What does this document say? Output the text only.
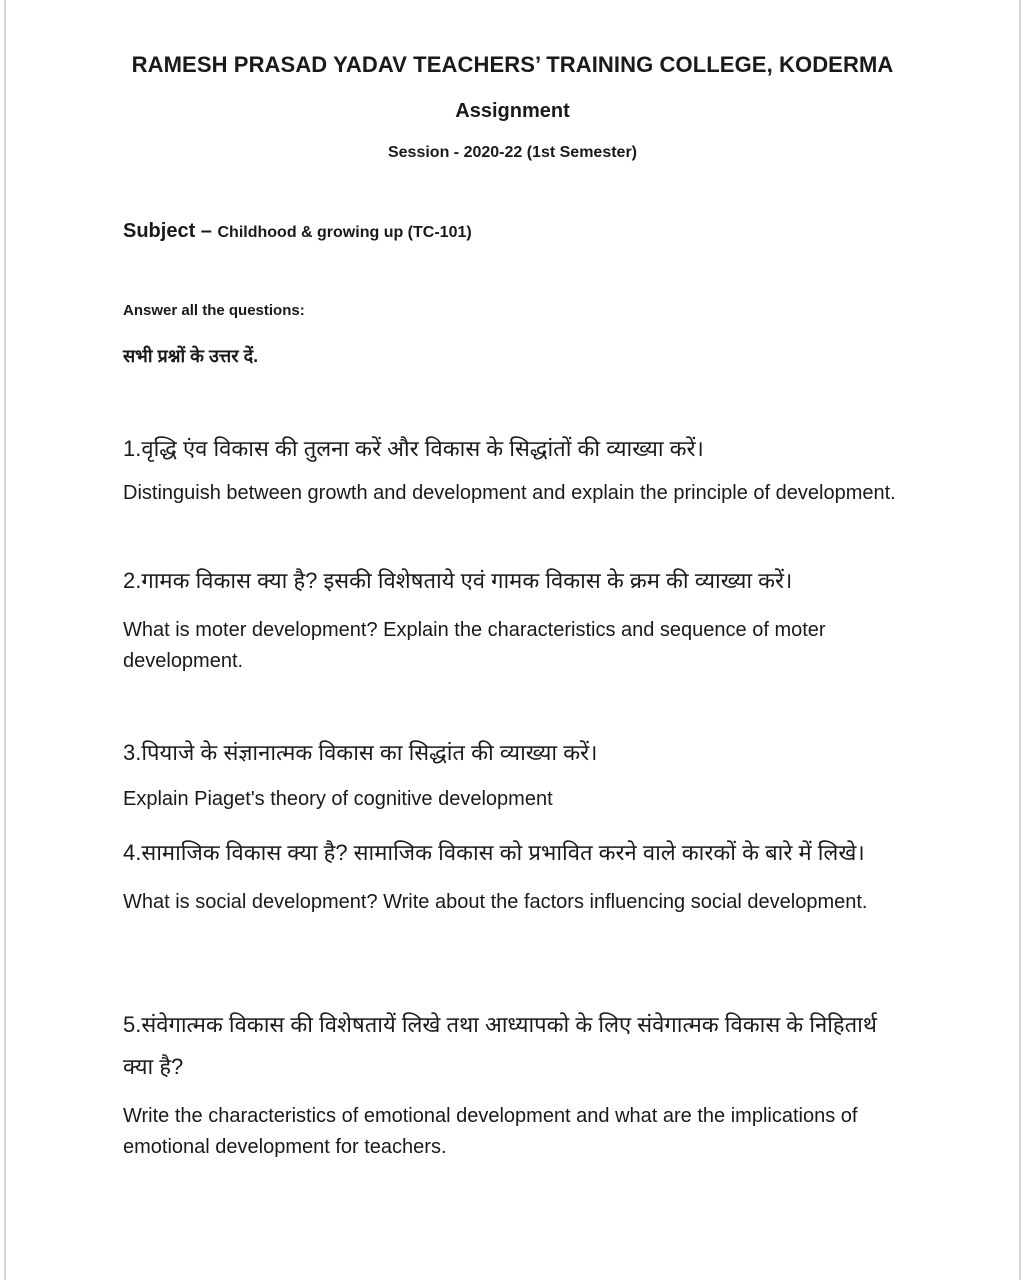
RAMESH PRASAD YADAV TEACHERS’ TRAINING COLLEGE, KODERMA
Assignment
Session - 2020-22 (1st Semester)
Subject – Childhood & growing up (TC-101)
Answer all the questions:
सभी प्रश्नों के उत्तर दें.

1.वृद्धि एंव विकास की तुलना करें और विकास के सिद्धांतों की व्याख्या करें।

Distinguish between growth and development and explain the principle of development.

2.गामक विकास क्या है? इसकी विशेषताये एवं गामक विकास के क्रम की व्याख्या करें।

What is moter development? Explain the characteristics and sequence of moter development.

3.पियाजे के संज्ञानात्मक विकास का सिद्धांत की व्याख्या करें।

Explain Piaget's theory of cognitive development

4.सामाजिक विकास क्या है? सामाजिक विकास को प्रभावित करने वाले कारकों के बारे में लिखे।

What is social development? Write about the factors influencing social development.

5.संवेगात्मक विकास की विशेषतायें लिखे तथा आध्यापको के लिए संवेगात्मक विकास के निहितार्थ क्या है?

Write the characteristics of emotional development and what are the implications of emotional development for teachers.
